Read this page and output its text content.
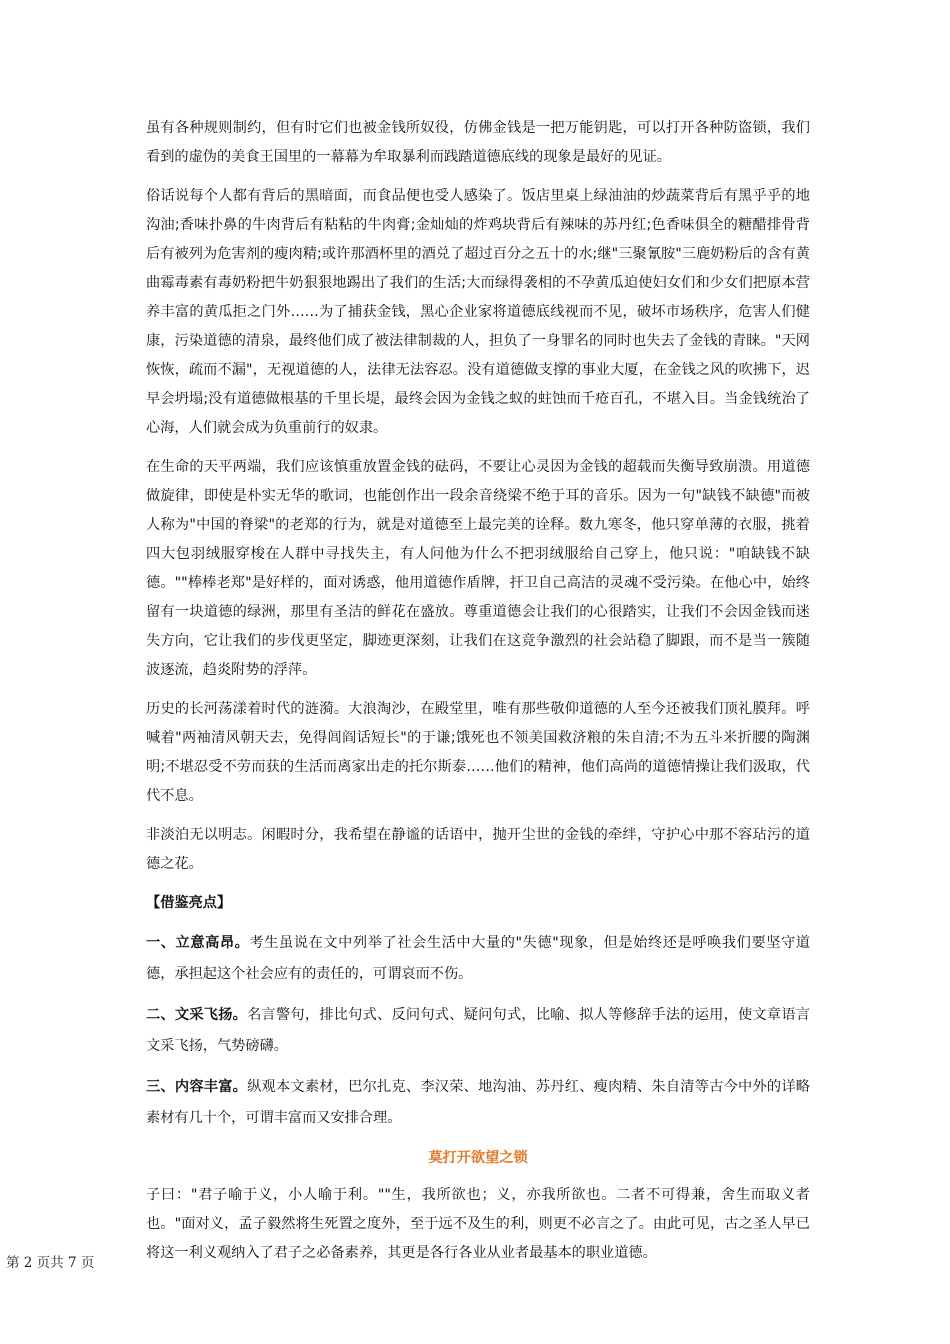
虽有各种规则制约，但有时它们也被金钱所奴役，仿佛金钱是一把万能钥匙，可以打开各种防盗锁，我们看到的虚伪的美食王国里的一幕幕为牟取暴利而践踏道德底线的现象是最好的见证。

俗话说每个人都有背后的黑暗面，而食品便也受人感染了。饭店里桌上绿油油的炒蔬菜背后有黑乎乎的地沟油;香味扑鼻的牛肉背后有粘粘的牛肉膏;金灿灿的炸鸡块背后有辣味的苏丹红;色香味俱全的糖醋排骨背后有被列为危害剂的瘦肉精;或许那酒杯里的酒兑了超过百分之五十的水;继"三聚氰胺"三鹿奶粉后的含有黄曲霉毒素有毒奶粉把牛奶狠狠地踢出了我们的生活;大而绿得袭相的不孕黄瓜迫使妇女们和少女们把原本营养丰富的黄瓜拒之门外……为了捕获金钱，黑心企业家将道德底线视而不见，破坏市场秩序，危害人们健康，污染道德的清泉，最终他们成了被法律制裁的人，担负了一身罪名的同时也失去了金钱的青睐。"天网恢恢，疏而不漏"，无视道德的人，法律无法容忍。没有道德做支撑的事业大厦，在金钱之风的吹拂下，迟早会坍塌;没有道德做根基的千里长堤，最终会因为金钱之蚁的蛀蚀而千疮百孔，不堪入目。当金钱统治了心海，人们就会成为负重前行的奴隶。

在生命的天平两端，我们应该慎重放置金钱的砝码，不要让心灵因为金钱的超载而失衡导致崩溃。用道德做旋律，即使是朴实无华的歌词，也能创作出一段余音绕梁不绝于耳的音乐。因为一句"缺钱不缺德"而被人称为"中国的脊梁"的老郑的行为，就是对道德至上最完美的诠释。数九寒冬，他只穿单薄的衣服，挑着四大包羽绒服穿梭在人群中寻找失主，有人问他为什么不把羽绒服给自己穿上，他只说："咱缺钱不缺德。""棒棒老郑"是好样的，面对诱惑，他用道德作盾牌，扞卫自己高洁的灵魂不受污染。在他心中，始终留有一块道德的绿洲，那里有圣洁的鲜花在盛放。尊重道德会让我们的心很踏实，让我们不会因金钱而迷失方向，它让我们的步伐更坚定，脚迹更深刻，让我们在这竞争激烈的社会站稳了脚跟，而不是当一簇随波逐流，趋炎附势的浮萍。

历史的长河荡漾着时代的涟漪。大浪淘沙，在殿堂里，唯有那些敬仰道德的人至今还被我们顶礼膜拜。呼喊着"两袖清风朝天去，免得闾阎话短长"的于谦;饿死也不领美国救济粮的朱自清;不为五斗米折腰的陶渊明;不堪忍受不劳而获的生活而离家出走的托尔斯泰……他们的精神，他们高尚的道德情操让我们汲取，代代不息。

非淡泊无以明志。闲暇时分，我希望在静谧的话语中，抛开尘世的金钱的牵绊，守护心中那不容玷污的道德之花。

【借鉴亮点】

一、立意高昂。考生虽说在文中列举了社会生活中大量的"失德"现象，但是始终还是呼唤我们要坚守道德，承担起这个社会应有的责任的，可谓哀而不伤。

二、文采飞扬。名言警句，排比句式、反问句式、疑问句式，比喻、拟人等修辞手法的运用，使文章语言文采飞扬，气势磅礴。

三、内容丰富。纵观本文素材，巴尔扎克、李汉荣、地沟油、苏丹红、瘦肉精、朱自清等古今中外的详略素材有几十个，可谓丰富而又安排合理。

莫打开欲望之锁

子曰："君子喻于义，小人喻于利。""生，我所欲也；义，亦我所欲也。二者不可得兼，舍生而取义者也。"面对义，孟子毅然将生死置之度外，至于远不及生的利，则更不必言之了。由此可见，古之圣人早已将这一利义观纳入了君子之必备素养，其更是各行各业从业者最基本的职业道德。

第 2 页共 7 页
